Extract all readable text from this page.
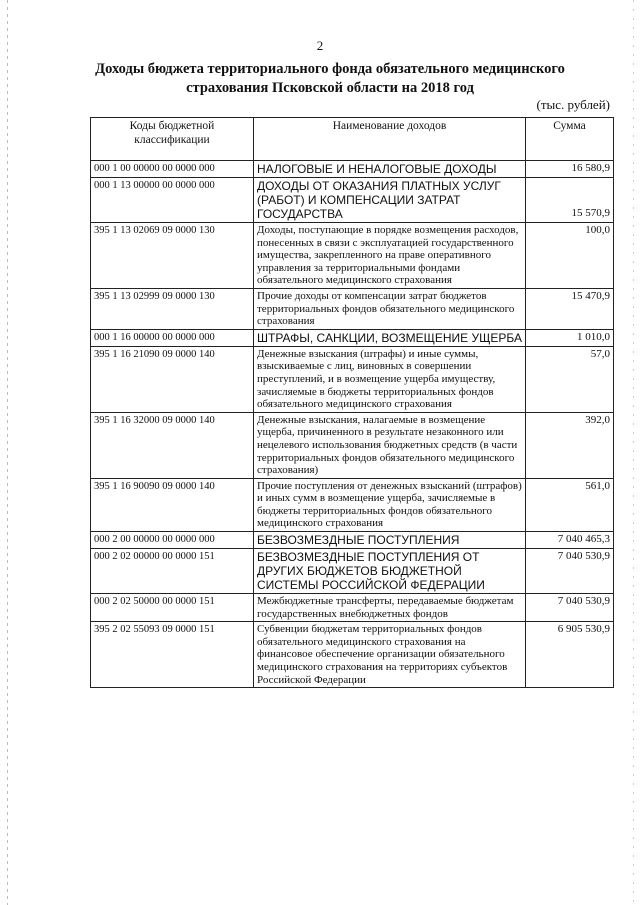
2
Доходы бюджета территориального фонда обязательного медицинского
страхования Псковской области на 2018 год
(тыс. рублей)
Коды бюджетной классификации	Наименование доходов	Сумма
000 1 00 00000 00 0000 000	НАЛОГОВЫЕ И НЕНАЛОГОВЫЕ ДОХОДЫ	16 580,9
000 1 13 00000 00 0000 000	ДОХОДЫ ОТ ОКАЗАНИЯ ПЛАТНЫХ УСЛУГ (РАБОТ) И КОМПЕНСАЦИИ ЗАТРАТ ГОСУДАРСТВА	15 570,9
395 1 13 02069 09 0000 130	Доходы, поступающие в порядке возмещения расходов, понесенных в связи с эксплуатацией государственного имущества, закрепленного на праве оперативного управления за территориальными фондами обязательного медицинского страхования	100,0
395 1 13 02999 09 0000 130	Прочие доходы от компенсации затрат бюджетов территориальных фондов обязательного медицинского страхования	15 470,9
000 1 16 00000 00 0000 000	ШТРАФЫ, САНКЦИИ, ВОЗМЕЩЕНИЕ УЩЕРБА	1 010,0
395 1 16 21090 09 0000 140	Денежные взыскания (штрафы) и иные суммы, взыскиваемые с лиц, виновных в совершении преступлений, и в возмещение ущерба имуществу, зачисляемые в бюджеты территориальных фондов обязательного медицинского страхования	57,0
395 1 16 32000 09 0000 140	Денежные взыскания, налагаемые в возмещение ущерба, причиненного в результате незаконного или нецелевого использования бюджетных средств (в части территориальных фондов обязательного медицинского страхования)	392,0
395 1 16 90090 09 0000 140	Прочие поступления от денежных взысканий (штрафов) и иных сумм в возмещение ущерба, зачисляемые в бюджеты территориальных фондов обязательного медицинского страхования	561,0
000 2 00 00000 00 0000 000	БЕЗВОЗМЕЗДНЫЕ ПОСТУПЛЕНИЯ	7 040 465,3
000 2 02 00000 00 0000 151	БЕЗВОЗМЕЗДНЫЕ ПОСТУПЛЕНИЯ ОТ ДРУГИХ БЮДЖЕТОВ БЮДЖЕТНОЙ СИСТЕМЫ РОССИЙСКОЙ ФЕДЕРАЦИИ	7 040 530,9
000 2 02 50000 00 0000 151	Межбюджетные трансферты, передаваемые бюджетам государственных внебюджетных фондов	7 040 530,9
395 2 02 55093 09 0000 151	Субвенции бюджетам территориальных фондов обязательного медицинского страхования на финансовое обеспечение организации обязательного медицинского страхования на территориях субъектов Российской Федерации	6 905 530,9
